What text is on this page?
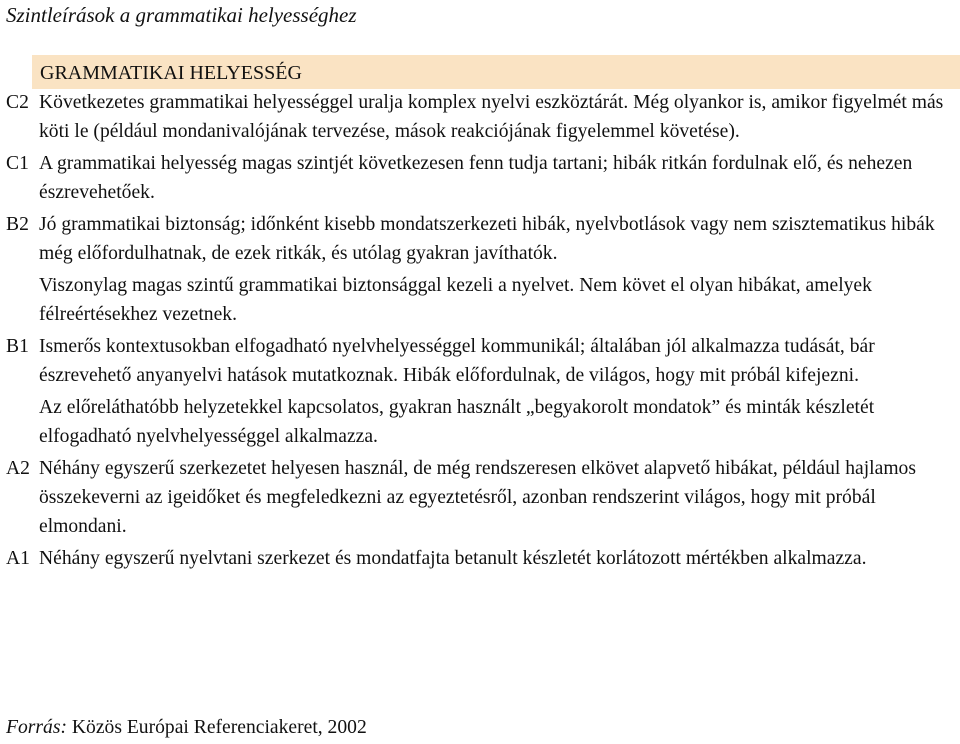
Szintleírások a grammatikai helyességhez
GRAMMATIKAI HELYESSÉG
C2 Következetes grammatikai helyességgel uralja komplex nyelvi eszköztárát. Még olyankor is, amikor figyelmét más köti le (például mondanivalójának tervezése, mások reakciójának figyelemmel követése).

C1 A grammatikai helyesség magas szintjét következesen fenn tudja tartani; hibák ritkán fordulnak elő, és nehezen észrevehetőek.

B2 Jó grammatikai biztonság; időnként kisebb mondatszerkezeti hibák, nyelvbotlások vagy nem szisztematikus hibák még előfordulhatnak, de ezek ritkák, és utólag gyakran javíthatók.

Viszonylag magas szintű grammatikai biztonsággal kezeli a nyelvet. Nem követ el olyan hibákat, amelyek félreértésekhez vezetnek.

B1 Ismerős kontextusokban elfogadható nyelvhelyességgel kommunikál; általában jól alkalmazza tudását, bár észrevehető anyanyelvi hatások mutatkoznak. Hibák előfordulnak, de világos, hogy mit próbál kifejezni.

Az előreláthatóbb helyzetekkel kapcsolatos, gyakran használt „begyakorolt mondatok” és minták készletét elfogadható nyelvhelyességgel alkalmazza.

A2 Néhány egyszerű szerkezetet helyesen használ, de még rendszeresen elkövet alapvető hibákat, például hajlamos összekeverni az igeidőket és megfeledkezni az egyeztetésről, azonban rendszerint világos, hogy mit próbál elmondani.

A1 Néhány egyszerű nyelvtani szerkezet és mondatfajta betanult készletét korlátozott mértékben alkalmazza.

Forrás: Közös Európai Referenciakeret, 2002
